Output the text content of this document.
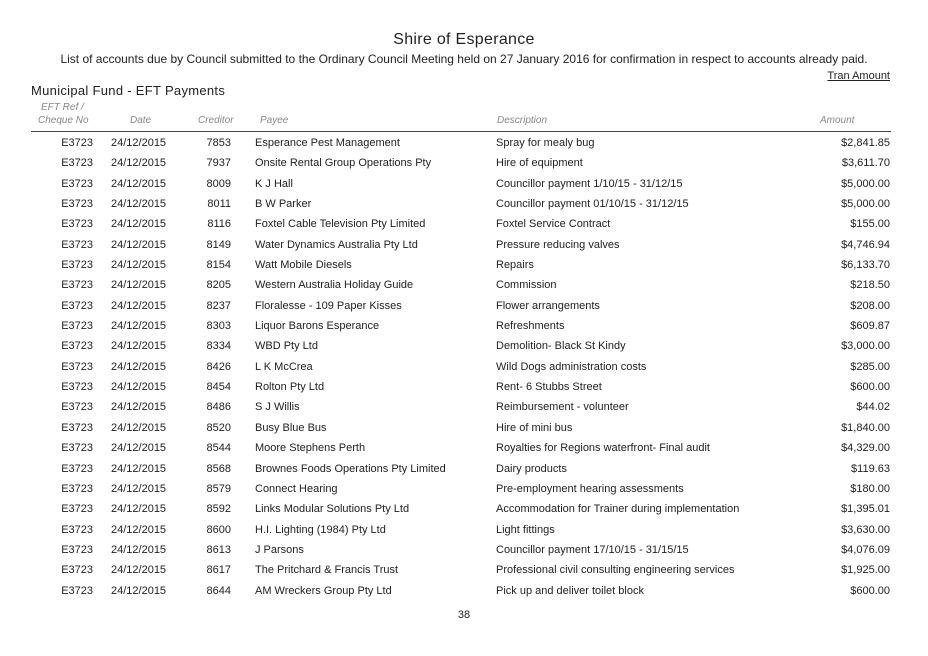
Shire of Esperance
List of accounts due by Council submitted to the Ordinary Council Meeting held on 27 January 2016 for confirmation in respect to accounts already paid.
Tran Amount
Municipal Fund - EFT Payments
EFT Ref /
Cheque No	Date	Creditor	Payee	Description	Amount
E3723 24/12/2015	7853 Esperance Pest Management	Spray for mealy bug	$2,841.85
E3723 24/12/2015	7937 Onsite Rental Group Operations Pty	Hire of equipment	$3,611.70
E3723 24/12/2015	8009 K J Hall	Councillor payment 1/10/15 - 31/12/15	$5,000.00
E3723 24/12/2015	8011 B W Parker	Councillor payment 01/10/15 - 31/12/15	$5,000.00
E3723 24/12/2015	8116 Foxtel Cable Television Pty Limited	Foxtel Service Contract	$155.00
E3723 24/12/2015	8149 Water Dynamics Australia Pty Ltd	Pressure reducing valves	$4,746.94
E3723 24/12/2015	8154 Watt Mobile Diesels	Repairs	$6,133.70
E3723 24/12/2015	8205 Western Australia Holiday Guide	Commission	$218.50
E3723 24/12/2015	8237 Floralesse - 109 Paper Kisses	Flower arrangements	$208.00
E3723 24/12/2015	8303 Liquor Barons Esperance	Refreshments	$609.87
E3723 24/12/2015	8334 WBD Pty Ltd	Demolition- Black St Kindy	$3,000.00
E3723 24/12/2015	8426 L K McCrea	Wild Dogs administration costs	$285.00
E3723 24/12/2015	8454 Rolton Pty Ltd	Rent- 6 Stubbs Street	$600.00
E3723 24/12/2015	8486 S J Willis	Reimbursement - volunteer	$44.02
E3723 24/12/2015	8520 Busy Blue Bus	Hire of mini bus	$1,840.00
E3723 24/12/2015	8544 Moore Stephens Perth	Royalties for Regions waterfront- Final audit	$4,329.00
E3723 24/12/2015	8568 Brownes Foods Operations Pty Limited	Dairy products	$119.63
E3723 24/12/2015	8579 Connect Hearing	Pre-employment hearing assessments	$180.00
E3723 24/12/2015	8592 Links Modular Solutions Pty Ltd	Accommodation for Trainer during implementation	$1,395.01
E3723 24/12/2015	8600 H.I. Lighting (1984) Pty Ltd	Light fittings	$3,630.00
E3723 24/12/2015	8613 J Parsons	Councillor payment 17/10/15 - 31/15/15	$4,076.09
E3723 24/12/2015	8617 The Pritchard & Francis Trust	Professional civil consulting engineering services	$1,925.00
E3723 24/12/2015	8644 AM Wreckers Group Pty Ltd	Pick up and deliver toilet block	$600.00
38
